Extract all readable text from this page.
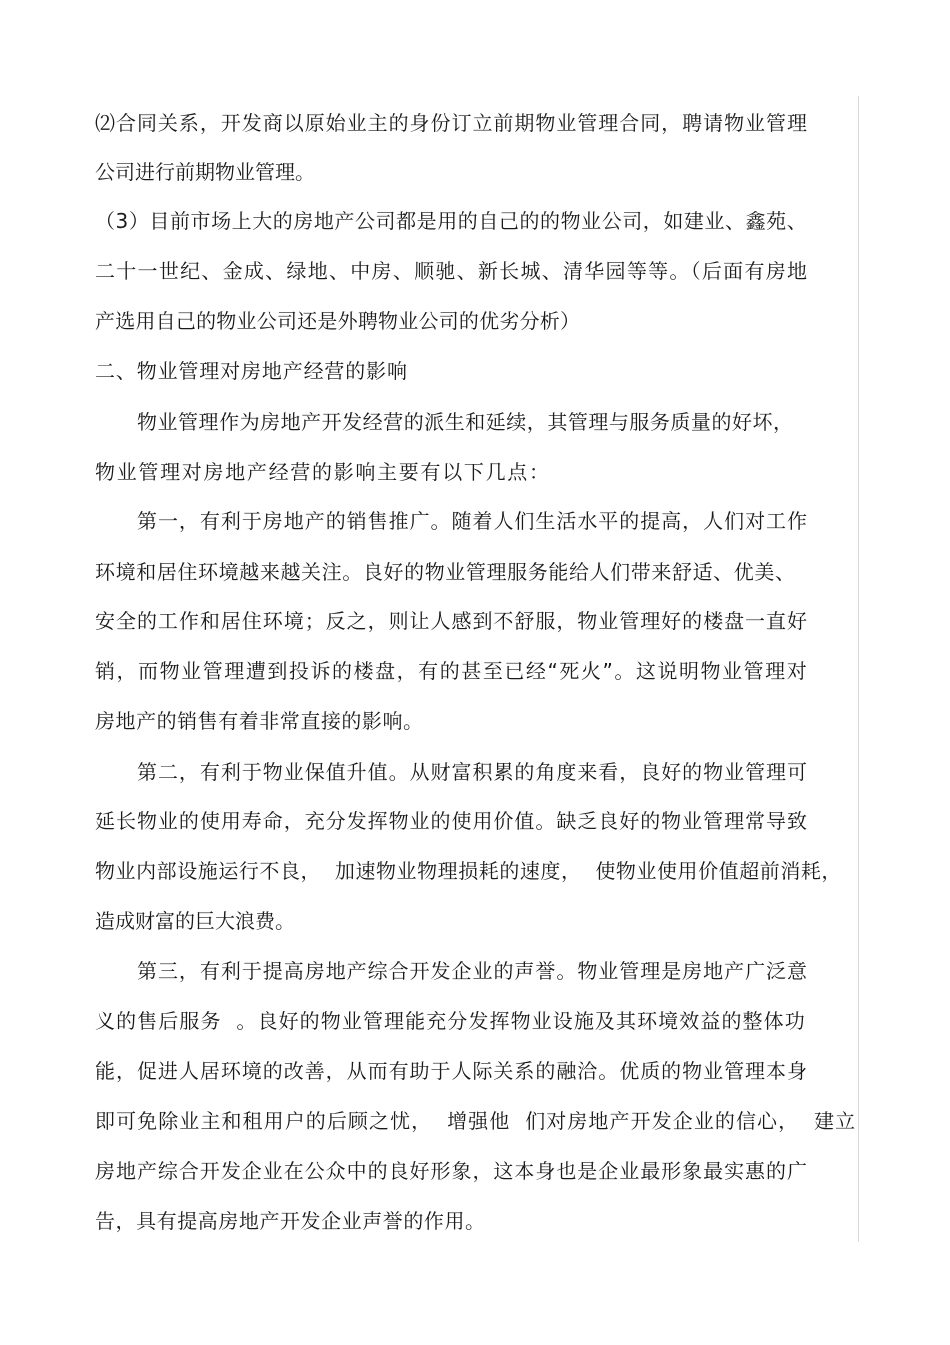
⑵合同关系，开发商以原始业主的身份订立前期物业管理合同，聘请物业管理
公司进行前期物业管理。
（3）目前市场上大的房地产公司都是用的自己的的物业公司，如建业、鑫苑、
二十一世纪、金成、绿地、中房、顺驰、新长城、清华园等等。（后面有房地
产选用自己的物业公司还是外聘物业公司的优劣分析）
二、物业管理对房地产经营的影响
物业管理作为房地产开发经营的派生和延续，其管理与服务质量的好坏，
物业管理对房地产经营的影响主要有以下几点：
第一，有利于房地产的销售推广。随着人们生活水平的提高，人们对工作
环境和居住环境越来越关注。良好的物业管理服务能给人们带来舒适、优美、
安全的工作和居住环境；反之，则让人感到不舒服，物业管理好的楼盘一直好
销，而物业管理遭到投诉的楼盘，有的甚至已经“死火”。这说明物业管理对
房地产的销售有着非常直接的影响。
第二，有利于物业保值升值。从财富积累的角度来看，良好的物业管理可
延长物业的使用寿命，充分发挥物业的使用价值。缺乏良好的物业管理常导致
物业内部设施运行不良，  加速物业物理损耗的速度，  使物业使用价值超前消耗，
造成财富的巨大浪费。
第三，有利于提高房地产综合开发企业的声誉。物业管理是房地产广泛意
义的售后服务  。良好的物业管理能充分发挥物业设施及其环境效益的整体功
能，促进人居环境的改善，从而有助于人际关系的融洽。优质的物业管理本身
即可免除业主和租用户的后顾之忧，  增强他  们对房地产开发企业的信心，  建立
房地产综合开发企业在公众中的良好形象，这本身也是企业最形象最实惠的广
告，具有提高房地产开发企业声誉的作用。
